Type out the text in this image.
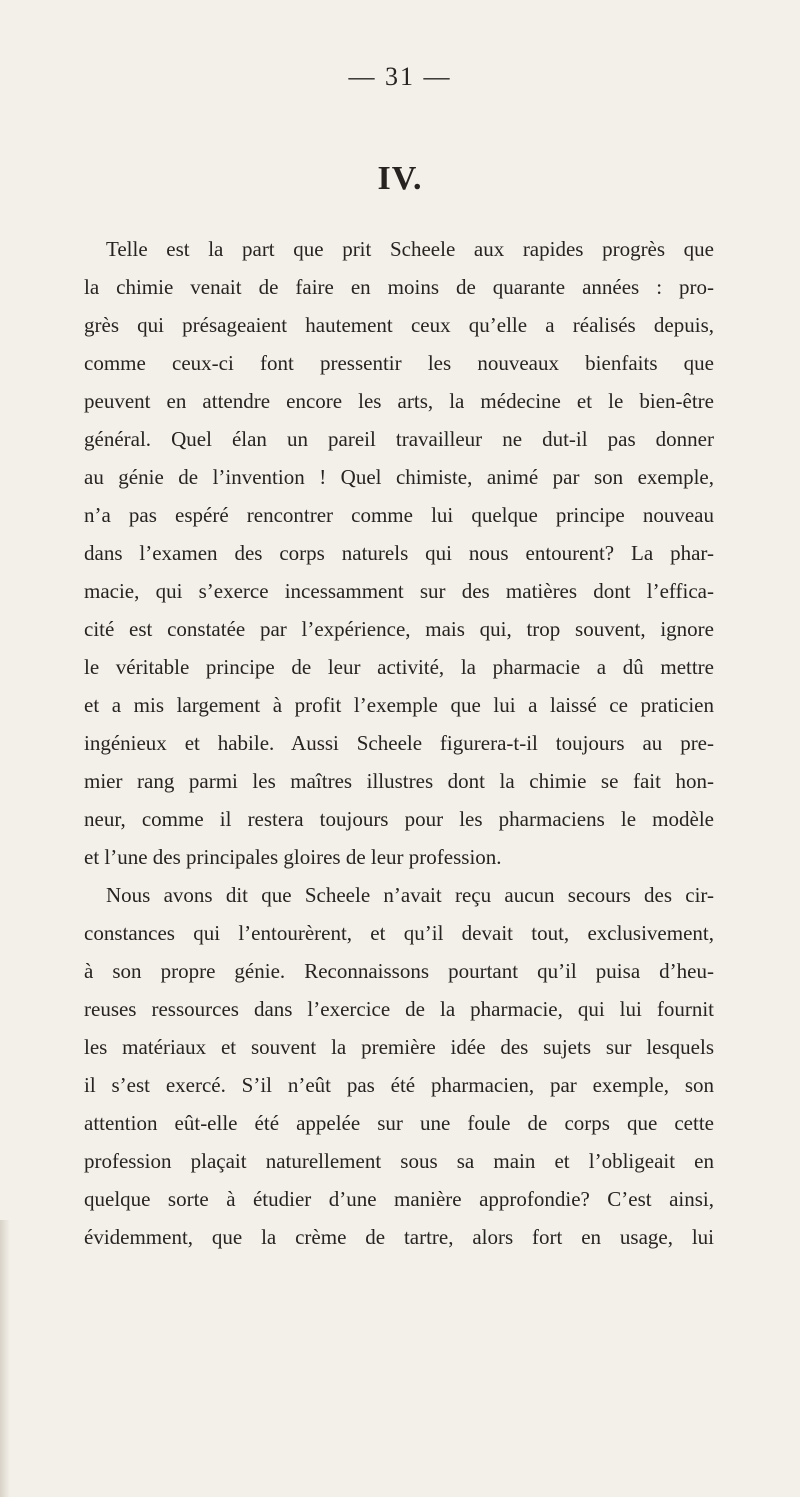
— 31 —
IV.
Telle est la part que prit Scheele aux rapides progrès que
la chimie venait de faire en moins de quarante années : pro-
grès qui présageaient hautement ceux qu’elle a réalisés depuis,
comme ceux-ci font pressentir les nouveaux bienfaits que
peuvent en attendre encore les arts, la médecine et le bien-être
général. Quel élan un pareil travailleur ne dut-il pas donner
au génie de l’invention ! Quel chimiste, animé par son exemple,
n’a pas espéré rencontrer comme lui quelque principe nouveau
dans l’examen des corps naturels qui nous entourent? La phar-
macie, qui s’exerce incessamment sur des matières dont l’effica-
cité est constatée par l’expérience, mais qui, trop souvent, ignore
le véritable principe de leur activité, la pharmacie a dû mettre
et a mis largement à profit l’exemple que lui a laissé ce praticien
ingénieux et habile. Aussi Scheele figurera-t-il toujours au pre-
mier rang parmi les maîtres illustres dont la chimie se fait hon-
neur, comme il restera toujours pour les pharmaciens le modèle
et l’une des principales gloires de leur profession.
Nous avons dit que Scheele n’avait reçu aucun secours des cir-
constances qui l’entourèrent, et qu’il devait tout, exclusivement,
à son propre génie. Reconnaissons pourtant qu’il puisa d’heu-
reuses ressources dans l’exercice de la pharmacie, qui lui fournit
les matériaux et souvent la première idée des sujets sur lesquels
il s’est exercé. S’il n’eût pas été pharmacien, par exemple, son
attention eût-elle été appelée sur une foule de corps que cette
profession plaçait naturellement sous sa main et l’obligeait en
quelque sorte à étudier d’une manière approfondie? C’est ainsi,
évidemment, que la crème de tartre, alors fort en usage, lui
